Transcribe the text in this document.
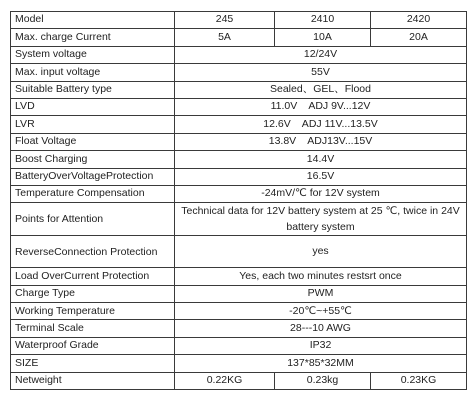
Model	245	2410	2420
Max. charge Current	5A	10A	20A
System voltage	12/24V		
Max. input voltage	55V		
Suitable Battery type	Sealed、GEL、Flood		
LVD	11.0V    ADJ 9V...12V		
LVR	12.6V    ADJ 11V...13.5V		
Float Voltage	13.8V    ADJ13V...15V		
Boost Charging	14.4V		
BatteryOverVoltageProtection	16.5V		
Temperature Compensation	-24mV/℃ for 12V system		
Points for Attention	Technical data for 12V battery system at 25 ℃, twice in 24V battery system		
ReverseConnection Protection	yes		
Load OverCurrent Protection	Yes, each two minutes restsrt once		
Charge Type	PWM		
Working Temperature	-20℃~+55℃		
Terminal Scale	28---10 AWG		
Waterproof Grade	IP32		
SIZE	137*85*32MM		
Netweight	0.22KG	0.23kg	0.23KG
